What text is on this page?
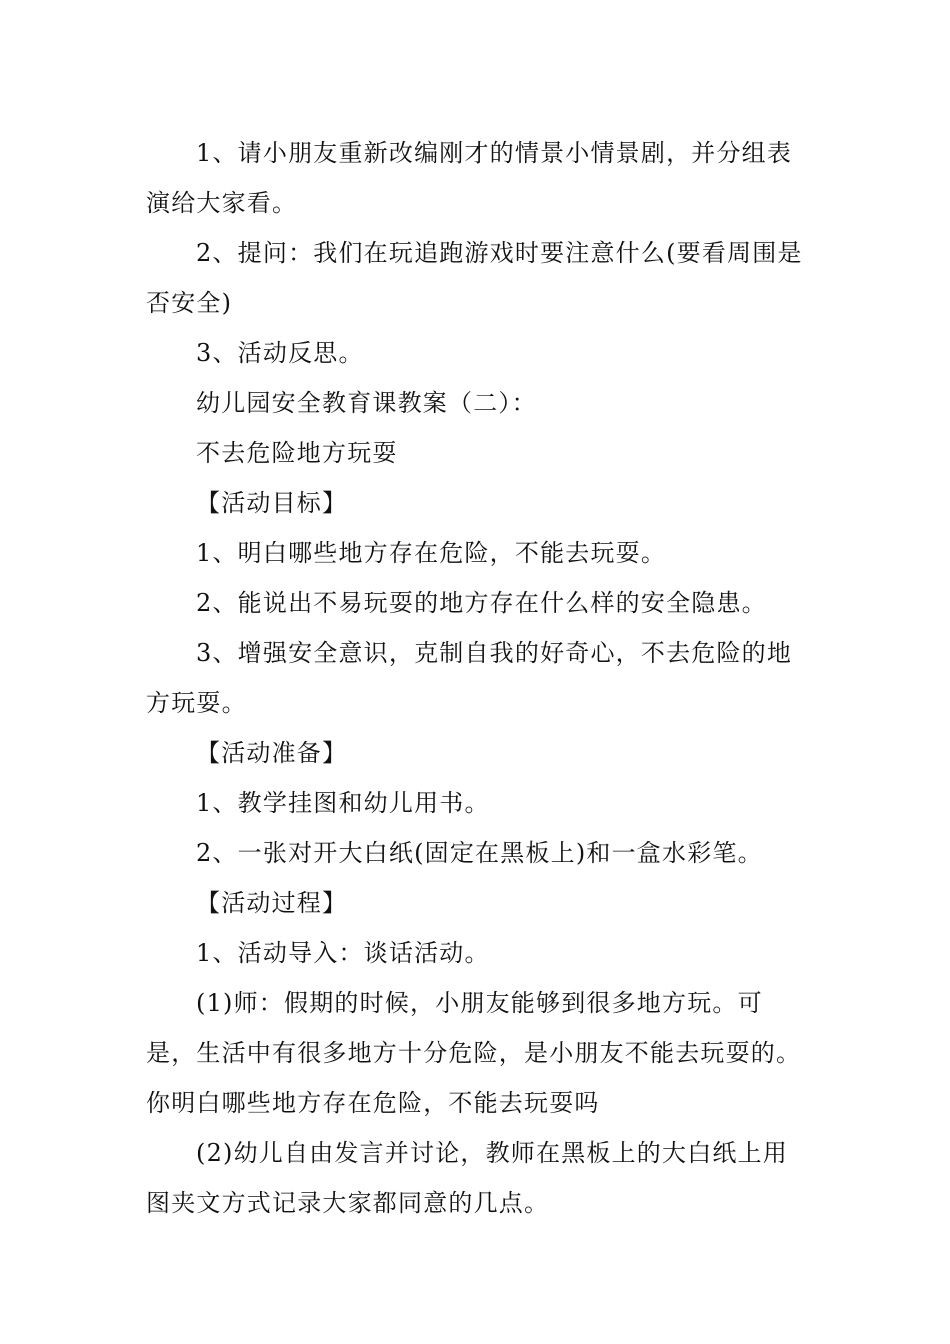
1、请小朋友重新改编刚才的情景小情景剧，并分组表演给大家看。

2、提问：我们在玩追跑游戏时要注意什么(要看周围是否安全)

3、活动反思。

幼儿园安全教育课教案（二）：

不去危险地方玩耍

【活动目标】

1、明白哪些地方存在危险，不能去玩耍。

2、能说出不易玩耍的地方存在什么样的安全隐患。

3、增强安全意识，克制自我的好奇心，不去危险的地方玩耍。

【活动准备】

1、教学挂图和幼儿用书。

2、一张对开大白纸(固定在黑板上)和一盒水彩笔。

【活动过程】

1、活动导入：谈话活动。

(1)师：假期的时候，小朋友能够到很多地方玩。可是，生活中有很多地方十分危险，是小朋友不能去玩耍的。你明白哪些地方存在危险，不能去玩耍吗

(2)幼儿自由发言并讨论，教师在黑板上的大白纸上用图夹文方式记录大家都同意的几点。
